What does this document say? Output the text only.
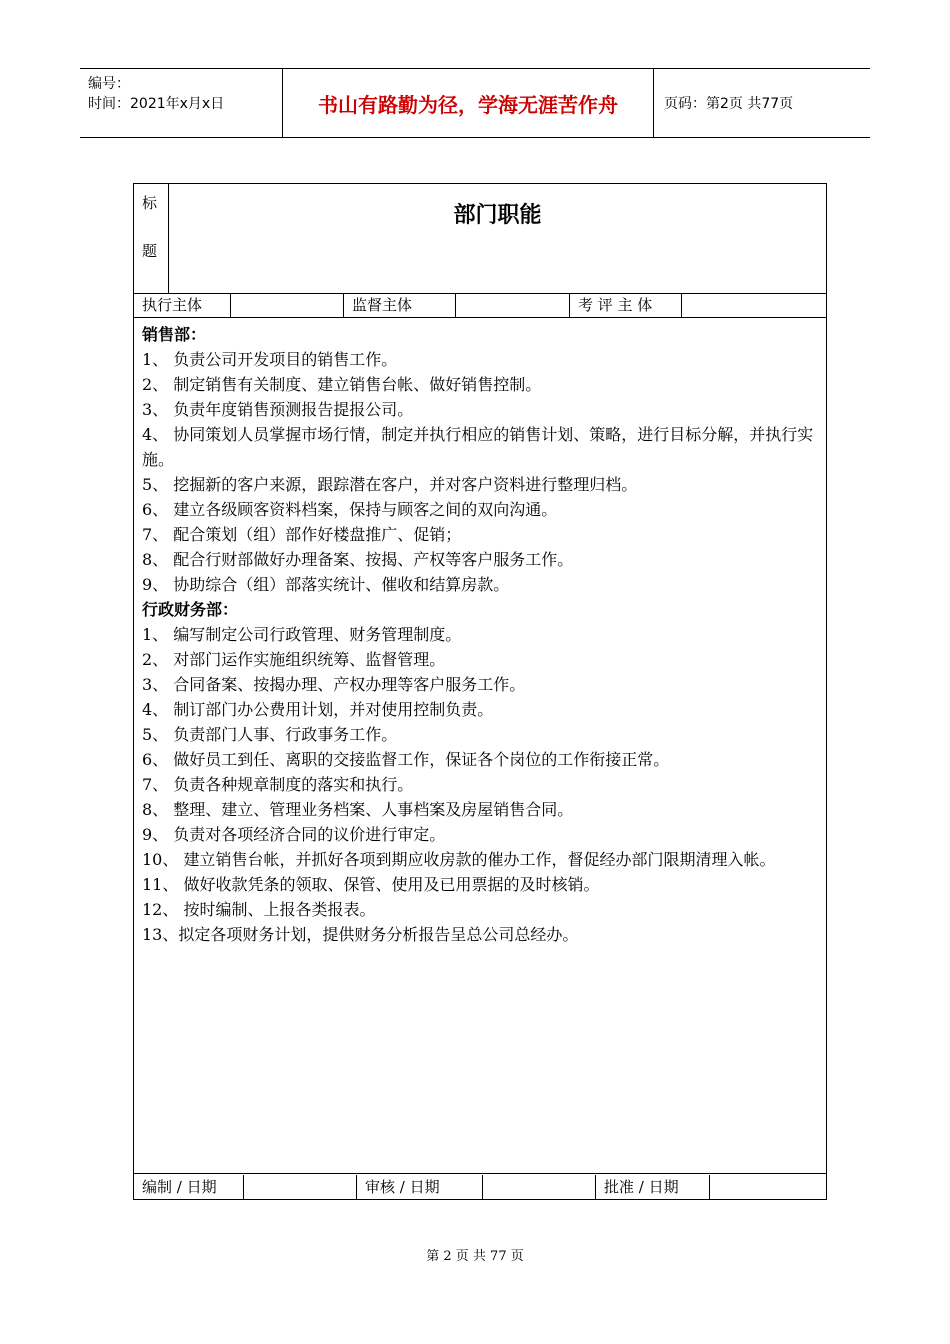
编号：
时间：2021年x月x日	书山有路勤为径，学海无涯苦作舟	页码：第2页 共77页
标
题
部门职能
执行主体	监督主体	考 评 主 体

销售部：

1、 负责公司开发项目的销售工作。

2、 制定销售有关制度、建立销售台帐、做好销售控制。

3、 负责年度销售预测报告提报公司。

4、 协同策划人员掌握市场行情，制定并执行相应的销售计划、策略，进行目标分解，并执行实施。

5、 挖掘新的客户来源，跟踪潜在客户，并对客户资料进行整理归档。

6、 建立各级顾客资料档案，保持与顾客之间的双向沟通。

7、 配合策划（组）部作好楼盘推广、促销；

8、 配合行财部做好办理备案、按揭、产权等客户服务工作。

9、 协助综合（组）部落实统计、催收和结算房款。

行政财务部：

1、 编写制定公司行政管理、财务管理制度。

2、 对部门运作实施组织统筹、监督管理。

3、 合同备案、按揭办理、产权办理等客户服务工作。

4、 制订部门办公费用计划，并对使用控制负责。

5、 负责部门人事、行政事务工作。

6、 做好员工到任、离职的交接监督工作，保证各个岗位的工作衔接正常。

7、 负责各种规章制度的落实和执行。

8、 整理、建立、管理业务档案、人事档案及房屋销售合同。

9、 负责对各项经济合同的议价进行审定。

10、 建立销售台帐，并抓好各项到期应收房款的催办工作，督促经办部门限期清理入帐。

11、 做好收款凭条的领取、保管、使用及已用票据的及时核销。

12、 按时编制、上报各类报表。

13、拟定各项财务计划，提供财务分析报告呈总公司总经办。

编制 / 日期	审核 / 日期	批准 / 日期
第 2 页 共 77 页
